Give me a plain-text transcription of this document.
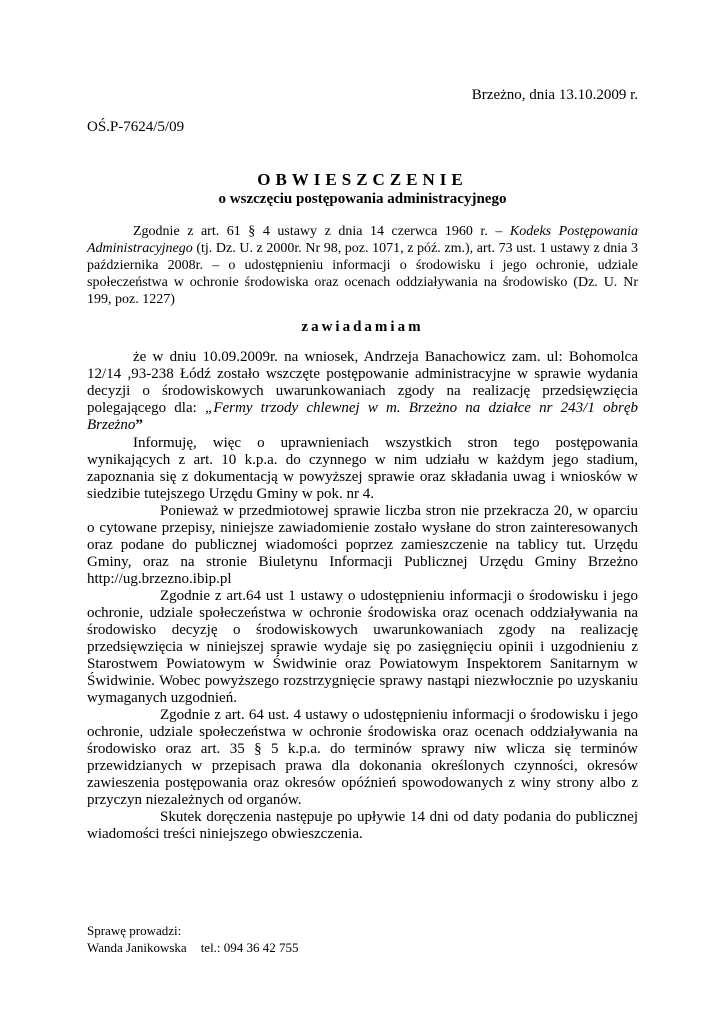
Brzeżno, dnia 13.10.2009 r.
OŚ.P-7624/5/09
OBWIESZCZENIE
o wszczęciu postępowania administracyjnego
Zgodnie z art. 61 § 4 ustawy z dnia 14 czerwca 1960 r. – Kodeks Postępowania Administracyjnego (tj. Dz. U. z 2000r. Nr 98, poz. 1071, z póź. zm.), art. 73 ust. 1 ustawy z dnia 3 października 2008r. – o udostępnieniu informacji o środowisku i jego ochronie, udziale społeczeństwa w ochronie środowiska oraz ocenach oddziaływania na środowisko (Dz. U. Nr 199, poz. 1227)
zawiadamiam
że w dniu 10.09.2009r. na wniosek, Andrzeja Banachowicz zam. ul: Bohomolca 12/14 ,93-238 Łódź zostało wszczęte postępowanie administracyjne w sprawie wydania decyzji o środowiskowych uwarunkowaniach zgody na realizację przedsięwzięcia polegającego dla: „Fermy trzody chlewnej w m. Brzeżno na działce nr 243/1 obręb Brzeżno”

Informuję, więc o uprawnieniach wszystkich stron tego postępowania wynikających z art. 10 k.p.a. do czynnego w nim udziału w każdym jego stadium, zapoznania się z dokumentacją w powyższej sprawie oraz składania uwag i wniosków w siedzibie tutejszego Urzędu Gminy w pok. nr 4.

Ponieważ w przedmiotowej sprawie liczba stron nie przekracza 20, w oparciu o cytowane przepisy, niniejsze zawiadomienie zostało wysłane do stron zainteresowanych oraz podane do publicznej wiadomości poprzez zamieszczenie na tablicy tut. Urzędu Gminy, oraz na stronie Biuletynu Informacji Publicznej Urzędu Gminy Brzeżno http://ug.brzezno.ibip.pl

Zgodnie z art.64 ust 1 ustawy o udostępnieniu informacji o środowisku i jego ochronie, udziale społeczeństwa w ochronie środowiska oraz ocenach oddziaływania na środowisko decyzję o środowiskowych uwarunkowaniach zgody na realizację przedsięwzięcia w niniejszej sprawie wydaje się po zasięgnięciu opinii i uzgodnieniu z Starostwem Powiatowym w Świdwinie oraz Powiatowym Inspektorem Sanitarnym w Świdwinie. Wobec powyższego rozstrzygnięcie sprawy nastąpi niezwłocznie po uzyskaniu wymaganych uzgodnień.

Zgodnie z art. 64 ust. 4 ustawy o udostępnieniu informacji o środowisku i jego ochronie, udziale społeczeństwa w ochronie środowiska oraz ocenach oddziaływania na środowisko oraz art. 35 § 5 k.p.a. do terminów sprawy niw wlicza się terminów przewidzianych w przepisach prawa dla dokonania określonych czynności, okresów zawieszenia postępowania oraz okresów opóźnień spowodowanych z winy strony albo z przyczyn niezależnych od organów.

Skutek doręczenia następuje po upływie 14 dni od daty podania do publicznej wiadomości treści niniejszego obwieszczenia.

Sprawę prowadzi:
Wanda Janikowska tel.: 094 36 42 755
